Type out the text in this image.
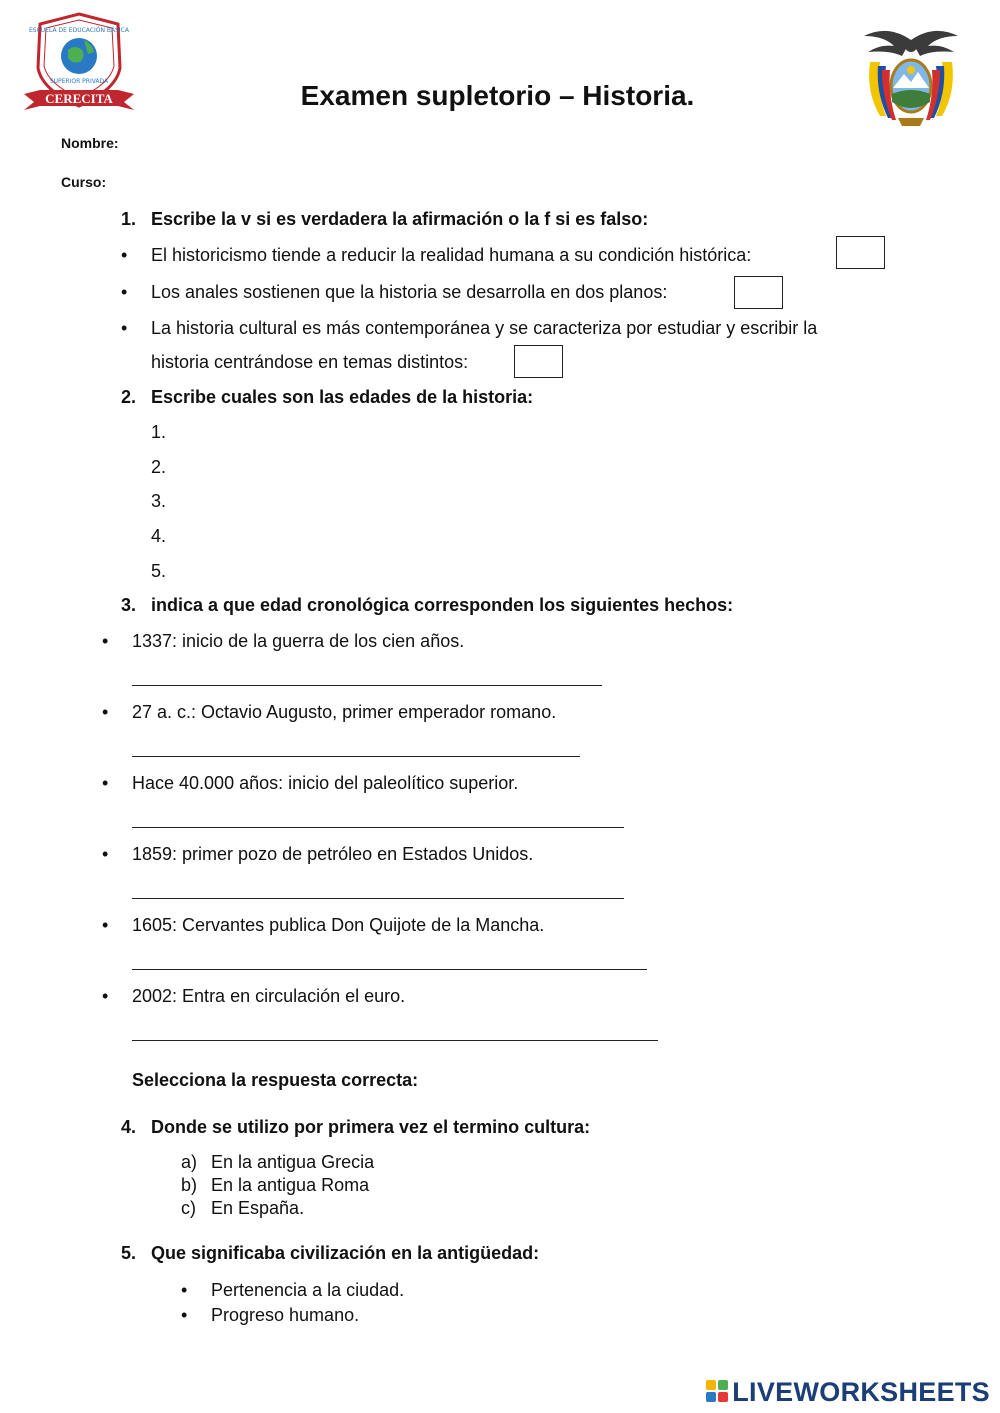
ESCUELA DE EDUCACIÓN BÁSICA
SUPERIOR PRIVADA
CERECITA	Examen supletorio – Historia.
Nombre:
Curso:
1. Escribe la v si es verdadera la afirmación o la f si es falso:
• El historicismo tiende a reducir la realidad humana a su condición histórica:
• Los anales sostienen que la historia se desarrolla en dos planos:
• La historia cultural es más contemporánea y se caracteriza por estudiar y escribir la
historia centrándose en temas distintos:
2. Escribe cuales son las edades de la historia:
1.
2.
3.
4.
5.
3. indica a que edad cronológica corresponden los siguientes hechos:
• 1337: inicio de la guerra de los cien años.
• 27 a. c.: Octavio Augusto, primer emperador romano.
• Hace 40.000 años: inicio del paleolítico superior.
• 1859: primer pozo de petróleo en Estados Unidos.
• 1605: Cervantes publica Don Quijote de la Mancha.
• 2002: Entra en circulación el euro.
Selecciona la respuesta correcta:
4. Donde se utilizo por primera vez el termino cultura:
a) En la antigua Grecia
b) En la antigua Roma
c) En España.
5. Que significaba civilización en la antigüedad:
• Pertenencia a la ciudad.
• Progreso humano.
LIVEWORKSHEETS
